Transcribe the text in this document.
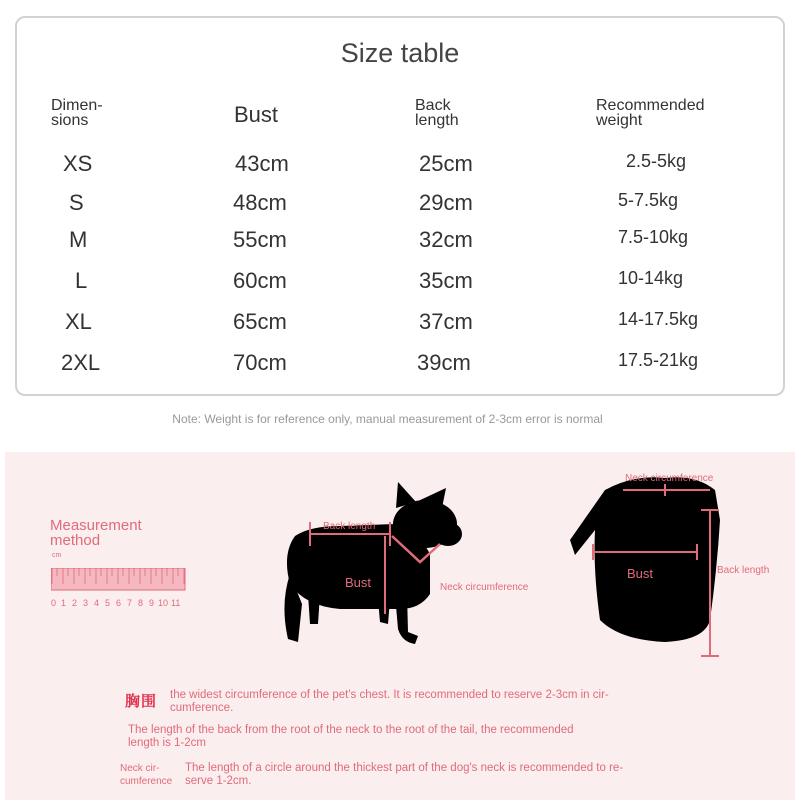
Size table
Dimen-
sions	Bust	Back
length
Recommended
weight
XS	43cm	25cm	2.5-5kg
S	48cm	29cm	5-7.5kg
M	55cm	32cm	7.5-10kg
L	60cm	35cm	10-14kg
XL	65cm	37cm	14-17.5kg
2XL	70cm	39cm	17.5-21kg
Note: Weight is for reference only, manual measurement of 2-3cm error is normal
Measurement
method
cm
0 1 2 3 4 5 6 7 8 9 10 11
Back length
Bust	Neck circumference
Neck circumference
Bust	Back length
胸围 the widest circumference of the pet's chest. It is recommended to reserve 2-3cm in cir-
cumference.
The length of the back from the root of the neck to the root of the tail, the recommended
length is 1-2cm
Neck cir-
cumference
The length of a circle around the thickest part of the dog's neck is recommended to re-
serve 1-2cm.
